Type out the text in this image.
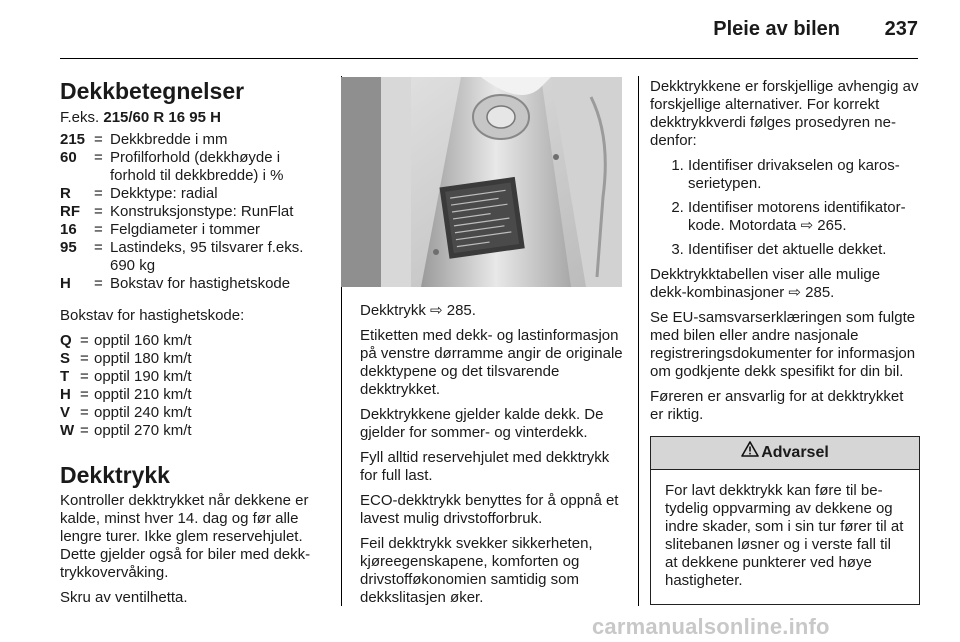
Pleie av bilen 237
Dekkbetegnelser

F.eks. 215/60 R 16 95 H

215	=	Dekkbredde i mm
60	=	Profilforhold (dekkhøyde i forhold til dekkbredde) i %
R	=	Dekktype: radial
RF	=	Konstruksjonstype: RunFlat
16	=	Felgdiameter i tommer
95	=	Lastindeks, 95 tilsvarer f.eks. 690 kg
H	=	Bokstav for hastighetskode

Bokstav for hastighetskode:

Q	=	opptil 160 km/t
S	=	opptil 180 km/t
T	=	opptil 190 km/t
H	=	opptil 210 km/t
V	=	opptil 240 km/t
W	=	opptil 270 km/t
Dekktrykk

Kontroller dekktrykket når dekkene er kalde, minst hver 14. dag og før alle lengre turer. Ikke glem reservehjulet. Dette gjelder også for biler med dekktrykkovervåking.

Skru av ventilhetta.

Dekktrykk ⇨ 285.

Etiketten med dekk- og lastinformasjon på venstre dørramme angir de originale dekktypene og det tilsvarende dekktrykket.

Dekktrykkene gjelder kalde dekk. De gjelder for sommer- og vinterdekk.

Fyll alltid reservehjulet med dekktrykk for full last.

ECO-dekktrykk benyttes for å oppnå et lavest mulig drivstofforbruk.

Feil dekktrykk svekker sikkerheten, kjøreegenskapene, komforten og drivstofføkonomien samtidig som dekkslitasjen øker.

Dekktrykkene er forskjellige avhengig av forskjellige alternativer. For korrekt dekktrykkverdi følges prosedyren nedenfor:

1. Identifiser drivakselen og karosserietypen.
2. Identifiser motorens identifikatorkode. Motordata ⇨ 265.
3. Identifiser det aktuelle dekket.

Dekktrykktabellen viser alle mulige dekk-kombinasjoner ⇨ 285.

Se EU-samsvarserklæringen som fulgte med bilen eller andre nasjonale registreringsdokumenter for informasjon om godkjente dekk spesifikt for din bil.

Føreren er ansvarlig for at dekktrykket er riktig.

Advarsel
For lavt dekktrykk kan føre til betydelig oppvarming av dekkene og indre skader, som i sin tur fører til at slitebanen løsner og i verste fall til at dekkene punkterer ved høye hastigheter.
carmanualsonline.info
